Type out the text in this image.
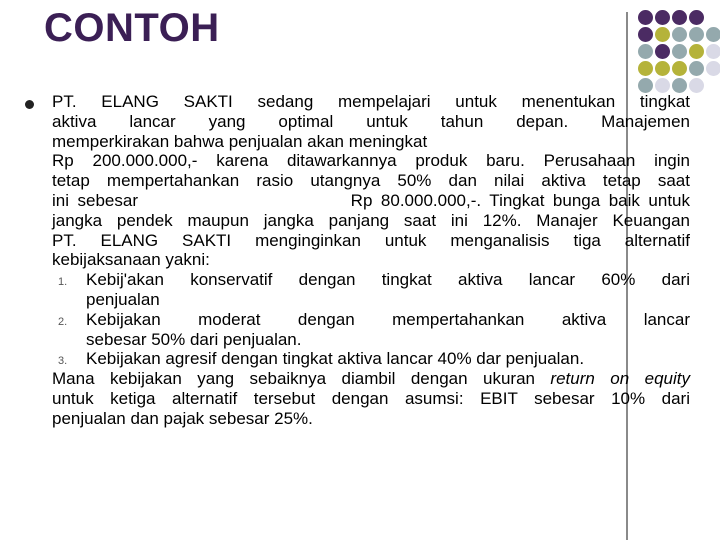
CONTOH

PT. ELANG SAKTI sedang mempelajari untuk menentukan tingkat

aktiva lancar yang optimal untuk tahun depan. Manajemen

memperkirakan bahwa penjualan akan meningkat

Rp 200.000.000,- karena ditawarkannya produk baru. Perusahaan ingin

tetap mempertahankan rasio utangnya 50% dan nilai aktiva tetap saat

ini sebesar                         Rp 80.000.000,-. Tingkat bunga baik untuk

jangka pendek maupun jangka panjang saat ini 12%. Manajer Keuangan

PT. ELANG SAKTI menginginkan untuk menganalisis tiga alternatif

kebijaksanaan yakni:

1. Kebij'akan konservatif dengan tingkat aktiva lancar 60% dari

penjualan

2. Kebijakan moderat dengan mempertahankan aktiva lancar

sebesar 50% dari penjualan.

3. Kebijakan agresif dengan tingkat aktiva lancar 40% dar penjualan.

Mana kebijakan yang sebaiknya diambil dengan ukuran return on equity

untuk ketiga alternatif tersebut dengan asumsi: EBIT sebesar 10% dari

penjualan dan pajak sebesar 25%.
